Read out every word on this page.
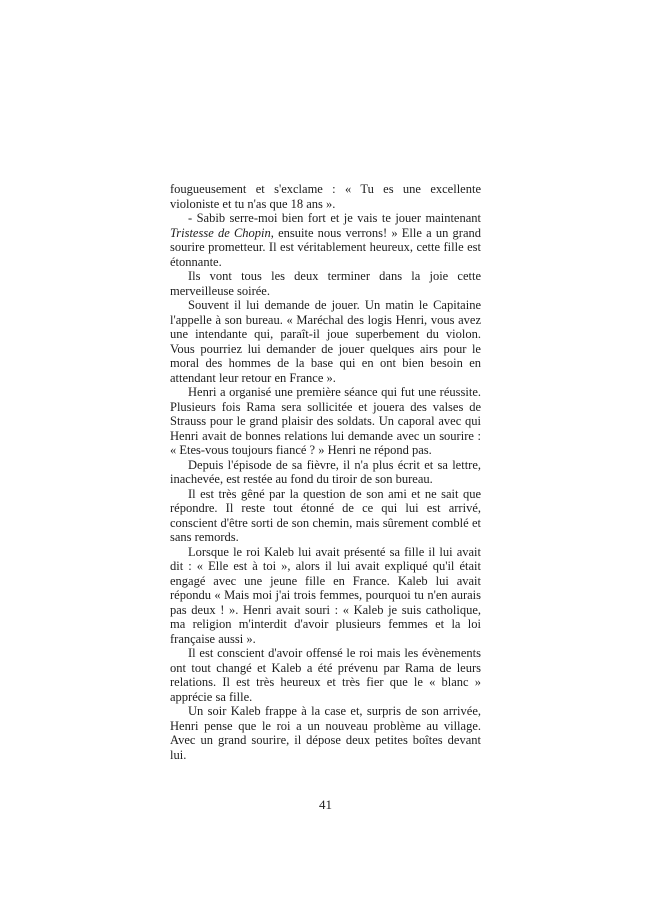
fougueusement et s'exclame : « Tu es une excellente violoniste et tu n'as que 18 ans ».

- Sabib serre-moi bien fort et je vais te jouer maintenant Tristesse de Chopin, ensuite nous verrons! » Elle a un grand sourire prometteur. Il est véritablement heureux, cette fille est étonnante.

Ils vont tous les deux terminer dans la joie cette merveilleuse soirée.

Souvent il lui demande de jouer. Un matin le Capitaine l'appelle à son bureau. « Maréchal des logis Henri, vous avez une intendante qui, paraît-il joue superbement du violon. Vous pourriez lui demander de jouer quelques airs pour le moral des hommes de la base qui en ont bien besoin en attendant leur retour en France ».

Henri a organisé une première séance qui fut une réussite. Plusieurs fois Rama sera sollicitée et jouera des valses de Strauss pour le grand plaisir des soldats. Un caporal avec qui Henri avait de bonnes relations lui demande avec un sourire : « Etes-vous toujours fiancé ? » Henri ne répond pas.

Depuis l'épisode de sa fièvre, il n'a plus écrit et sa lettre, inachevée, est restée au fond du tiroir de son bureau.

Il est très gêné par la question de son ami et ne sait que répondre. Il reste tout étonné de ce qui lui est arrivé, conscient d'être sorti de son chemin, mais sûrement comblé et sans remords.

Lorsque le roi Kaleb lui avait présenté sa fille il lui avait dit : « Elle est à toi », alors il lui avait expliqué qu'il était engagé avec une jeune fille en France. Kaleb lui avait répondu « Mais moi j'ai trois femmes, pourquoi tu n'en aurais pas deux ! ». Henri avait souri : « Kaleb je suis catholique, ma religion m'interdit d'avoir plusieurs femmes et la loi française aussi ».

Il est conscient d'avoir offensé le roi mais les évènements ont tout changé et Kaleb a été prévenu par Rama de leurs relations. Il est très heureux et très fier que le « blanc » apprécie sa fille.

Un soir Kaleb frappe à la case et, surpris de son arrivée, Henri pense que le roi a un nouveau problème au village. Avec un grand sourire, il dépose deux petites boîtes devant lui.

41
